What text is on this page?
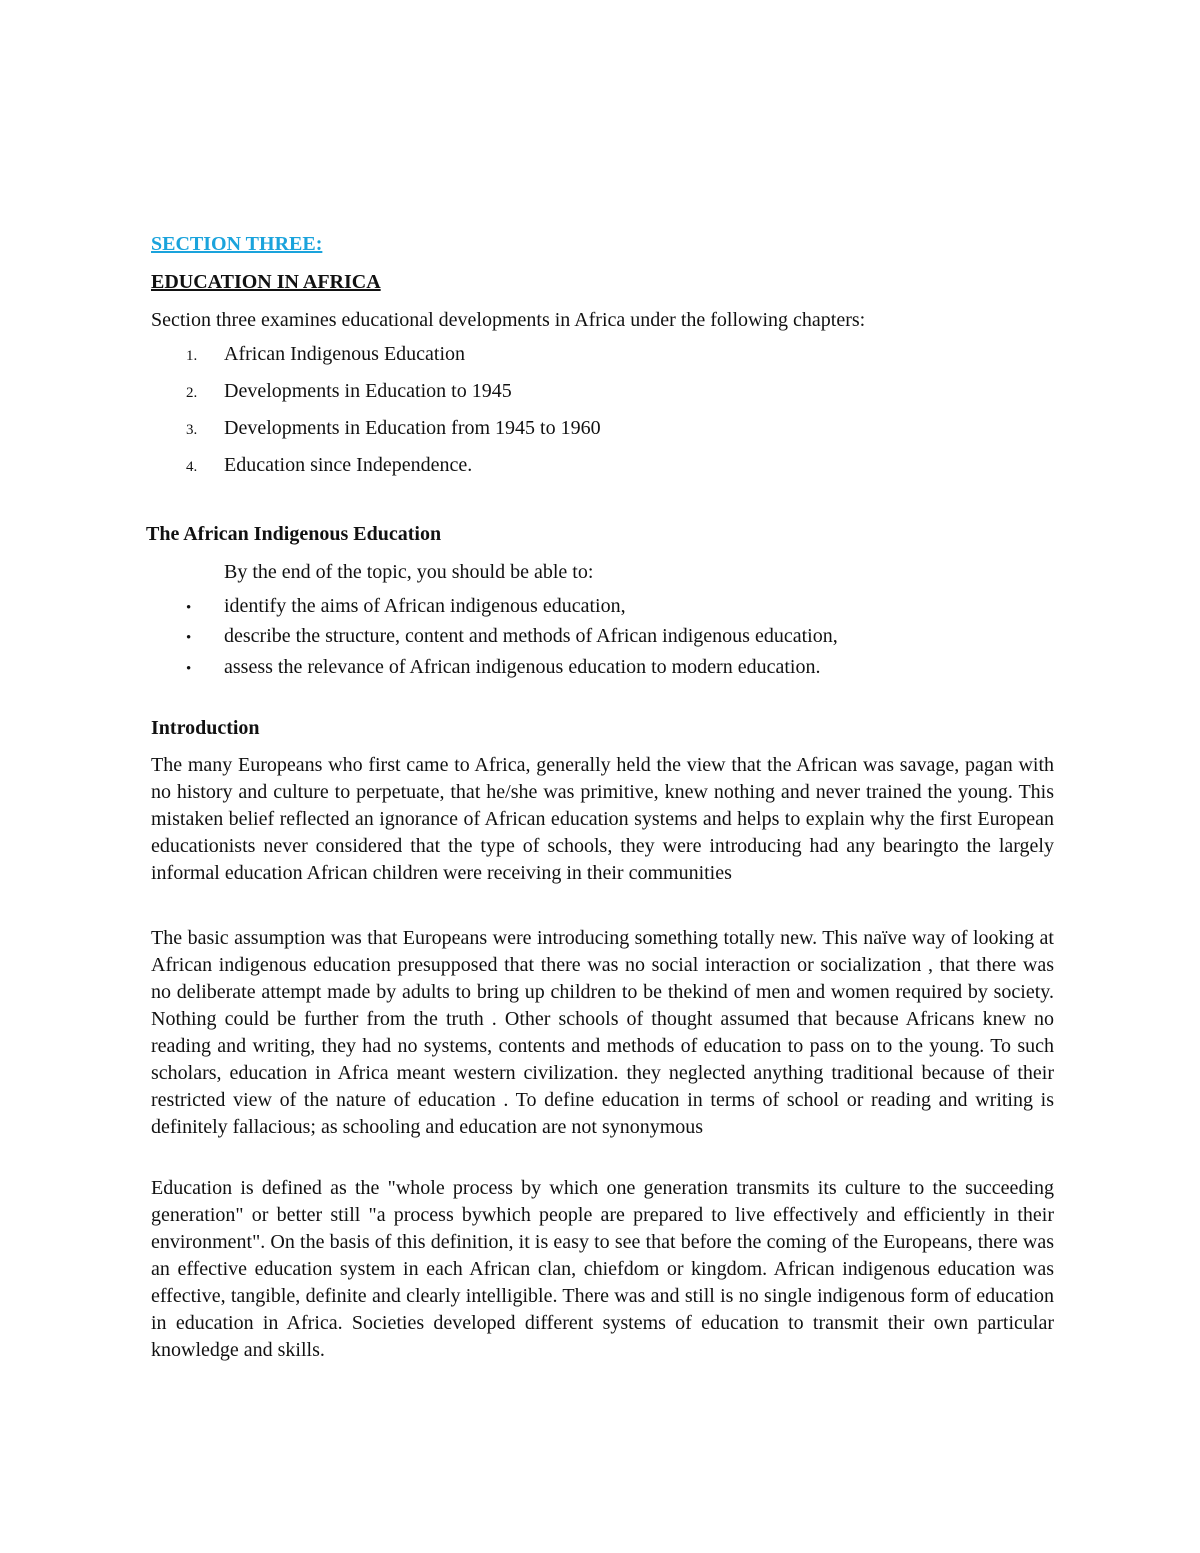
SECTION THREE:
EDUCATION IN AFRICA
Section three examines educational developments in Africa under the following chapters:
1. African Indigenous Education
2. Developments in Education to 1945
3. Developments in Education from 1945 to 1960
4. Education since Independence.
The African Indigenous Education
By the end of the topic, you should be able to:
• identify the aims of African indigenous education,
• describe the structure, content and methods of African indigenous education,
• assess the relevance of African indigenous education to modern education.
Introduction
The many Europeans who first came to Africa, generally held the view that the African was savage, pagan with no history and culture to perpetuate, that he/she was primitive, knew nothing and never trained the young. This mistaken belief reflected an ignorance of African education systems and helps to explain why the first European educationists never considered that the type of schools, they were introducing had any bearingto the largely informal education African children were receiving in their communities
The basic assumption was that Europeans were introducing something totally new. This naïve way of looking at African indigenous education presupposed that there was no social interaction or socialization , that there was no deliberate attempt made by adults to bring up children to be thekind of men and women required by society. Nothing could be further from the truth . Other schools of thought assumed that because Africans knew no reading and writing, they had no systems, contents and methods of education to pass on to the young. To such scholars, education in Africa meant western civilization. they neglected anything traditional because of their restricted view of the nature of education . To define education in terms of school or reading and writing is definitely fallacious; as schooling and education are not synonymous
Education is defined as the "whole process by which one generation transmits its culture to the succeeding generation" or better still "a process bywhich people are prepared to live effectively and efficiently in their environment". On the basis of this definition, it is easy to see that before the coming of the Europeans, there was an effective education system in each African clan, chiefdom or kingdom. African indigenous education was effective, tangible, definite and clearly intelligible. There was and still is no single indigenous form of education in education in Africa. Societies developed different systems of education to transmit their own particular knowledge and skills.
